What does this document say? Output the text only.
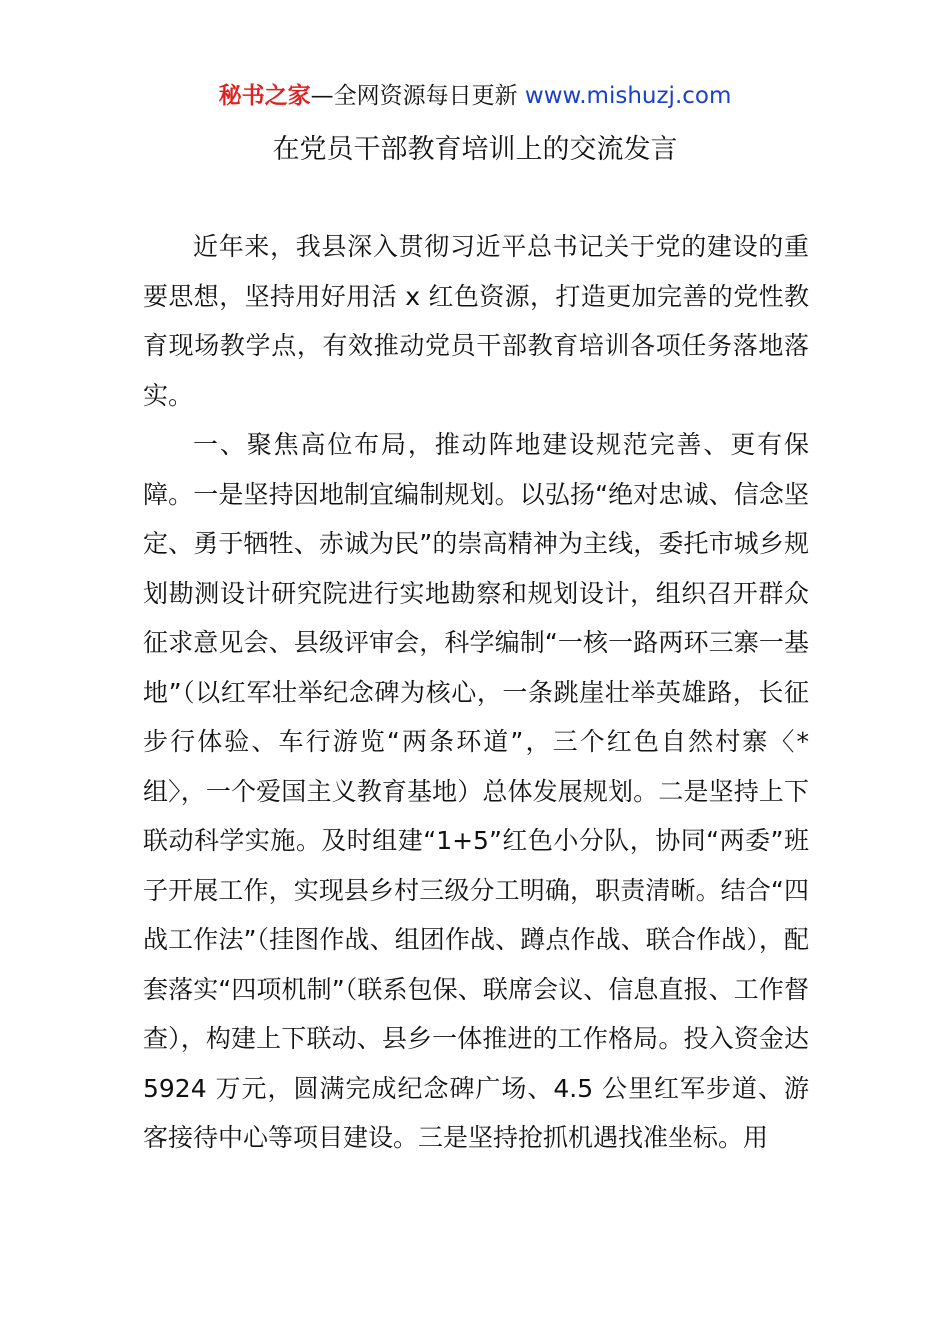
秘书之家—全网资源每日更新 www.mishuzj.com
在党员干部教育培训上的交流发言

近年来，我县深入贯彻习近平总书记关于党的建设的重要思想，坚持用好用活 x 红色资源，打造更加完善的党性教育现场教学点，有效推动党员干部教育培训各项任务落地落实。

一、聚焦高位布局，推动阵地建设规范完善、更有保障。一是坚持因地制宜编制规划。以弘扬“绝对忠诚、信念坚定、勇于牺牲、赤诚为民”的崇高精神为主线，委托市城乡规划勘测设计研究院进行实地勘察和规划设计，组织召开群众征求意见会、县级评审会，科学编制“一核一路两环三寨一基地”（以红军壮举纪念碑为核心，一条跳崖壮举英雄路，长征步行体验、车行游览“两条环道”，三个红色自然村寨〈*组〉，一个爱国主义教育基地）总体发展规划。二是坚持上下联动科学实施。及时组建“1+5”红色小分队，协同“两委”班子开展工作，实现县乡村三级分工明确，职责清晰。结合“四战工作法”（挂图作战、组团作战、蹲点作战、联合作战），配套落实“四项机制”（联系包保、联席会议、信息直报、工作督查），构建上下联动、县乡一体推进的工作格局。投入资金达 5924 万元，圆满完成纪念碑广场、4.5 公里红军步道、游客接待中心等项目建设。三是坚持抢抓机遇找准坐标。用
